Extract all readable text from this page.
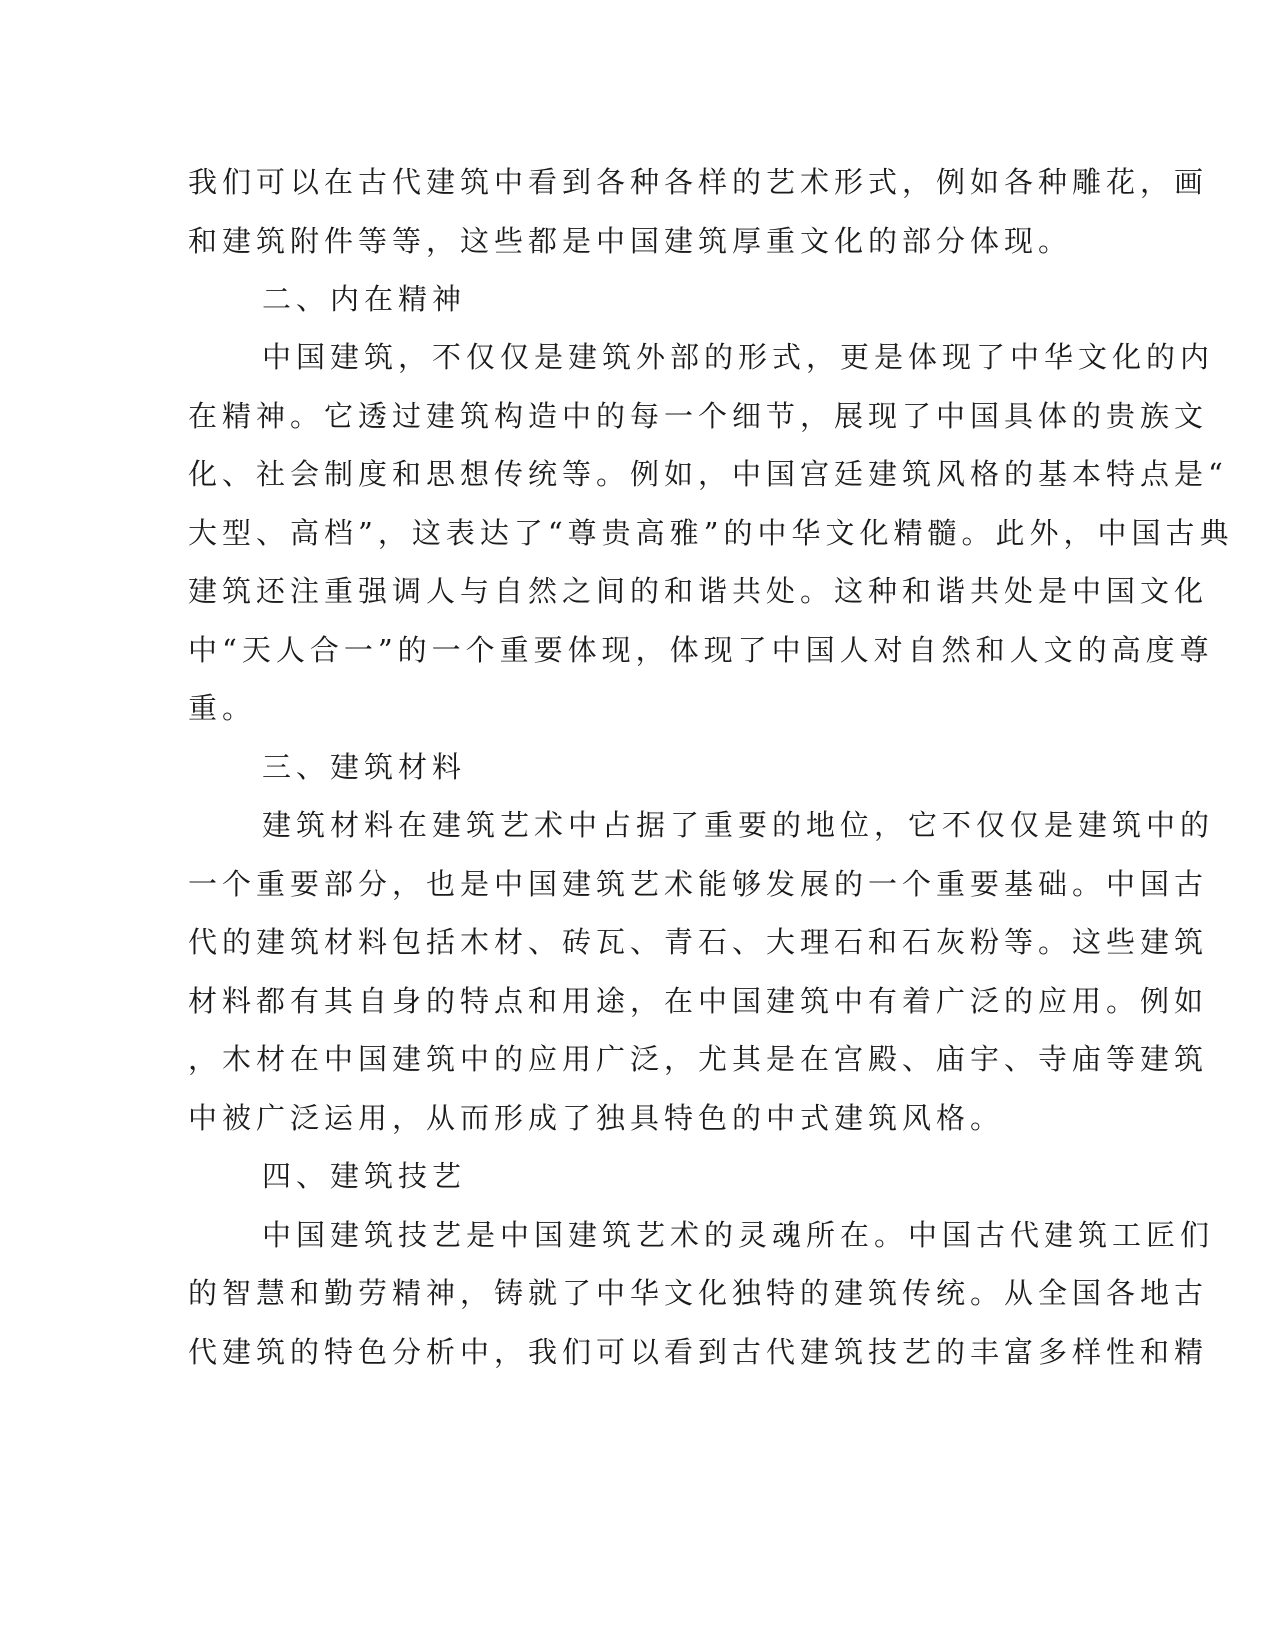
我们可以在古代建筑中看到各种各样的艺术形式，例如各种雕花，画
和建筑附件等等，这些都是中国建筑厚重文化的部分体现。
二、内在精神
中国建筑，不仅仅是建筑外部的形式，更是体现了中华文化的内
在精神。它透过建筑构造中的每一个细节，展现了中国具体的贵族文
化、社会制度和思想传统等。例如，中国宫廷建筑风格的基本特点是“
大型、高档”，这表达了“尊贵高雅”的中华文化精髓。此外，中国古典
建筑还注重强调人与自然之间的和谐共处。这种和谐共处是中国文化
中“天人合一”的一个重要体现，体现了中国人对自然和人文的高度尊
重。
三、建筑材料
建筑材料在建筑艺术中占据了重要的地位，它不仅仅是建筑中的
一个重要部分，也是中国建筑艺术能够发展的一个重要基础。中国古
代的建筑材料包括木材、砖瓦、青石、大理石和石灰粉等。这些建筑
材料都有其自身的特点和用途，在中国建筑中有着广泛的应用。例如
，木材在中国建筑中的应用广泛，尤其是在宫殿、庙宇、寺庙等建筑
中被广泛运用，从而形成了独具特色的中式建筑风格。
四、建筑技艺
中国建筑技艺是中国建筑艺术的灵魂所在。中国古代建筑工匠们
的智慧和勤劳精神，铸就了中华文化独特的建筑传统。从全国各地古
代建筑的特色分析中，我们可以看到古代建筑技艺的丰富多样性和精
